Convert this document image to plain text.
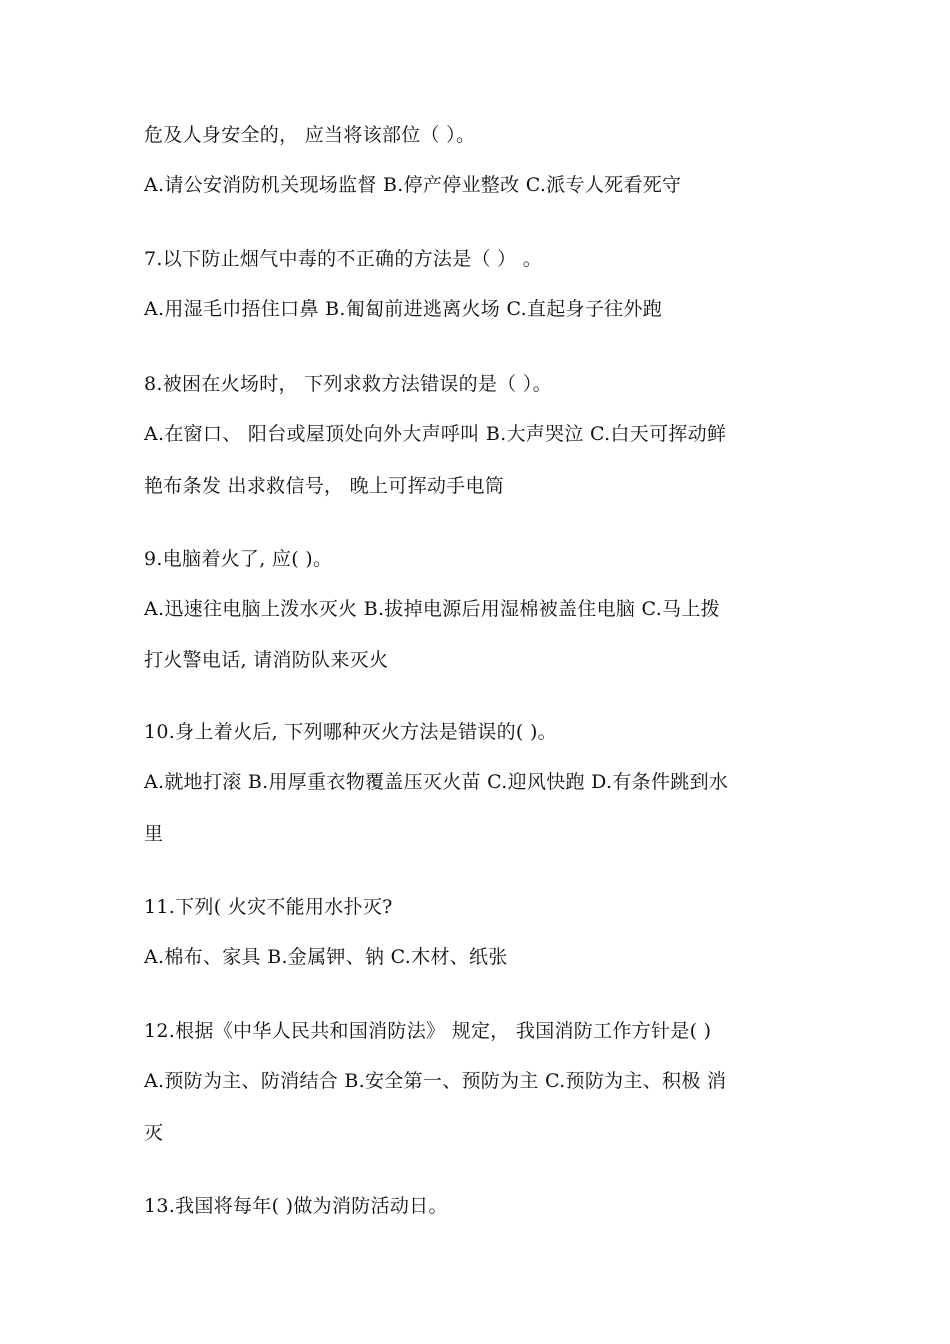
危及人身安全的， 应当将该部位（ ）。
A.请公安消防机关现场监督 B.停产停业整改 C.派专人死看死守
7.以下防止烟气中毒的不正确的方法是（ ） 。
A.用湿毛巾捂住口鼻 B.匍匐前进逃离火场 C.直起身子往外跑
8.被困在火场时， 下列求救方法错误的是（ ）。
A.在窗口、 阳台或屋顶处向外大声呼叫 B.大声哭泣 C.白天可挥动鲜
艳布条发 出求救信号， 晚上可挥动手电筒
9.电脑着火了, 应( )。
A.迅速往电脑上泼水灭火 B.拔掉电源后用湿棉被盖住电脑 C.马上拨
打火警电话, 请消防队来灭火
10.身上着火后, 下列哪种灭火方法是错误的( )。
A.就地打滚 B.用厚重衣物覆盖压灭火苗 C.迎风快跑 D.有条件跳到水
里
11.下列( 火灾不能用水扑灭?
A.棉布、家具 B.金属钾、钠 C.木材、纸张
12.根据《中华人民共和国消防法》 规定， 我国消防工作方针是( )
A.预防为主、防消结合 B.安全第一、预防为主 C.预防为主、积极 消
灭
13.我国将每年( )做为消防活动日。
